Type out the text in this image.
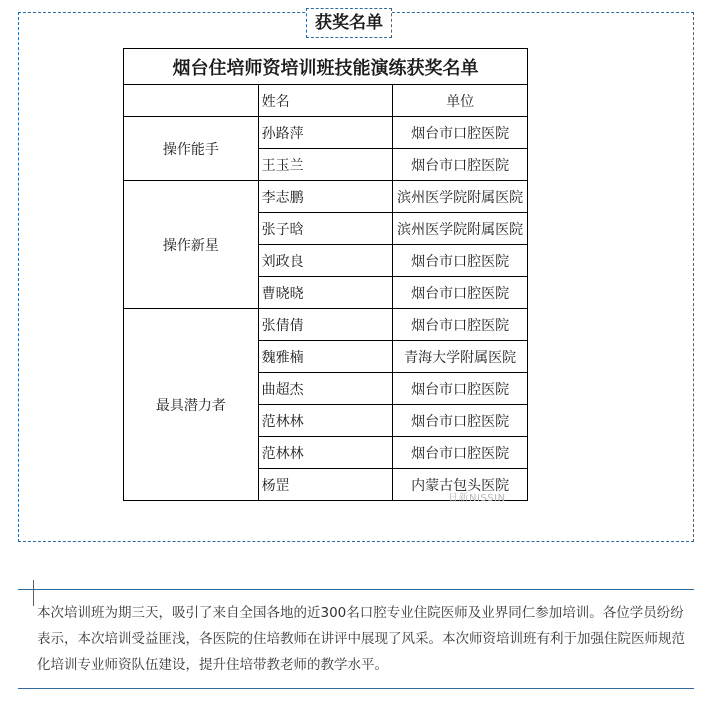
获奖名单
烟台住培师资培训班技能演练获奖名单		
	姓名	单位
操作能手	孙路萍	烟台市口腔医院
	王玉兰	烟台市口腔医院
操作新星	李志鹏	滨州医学院附属医院
	张子晗	滨州医学院附属医院
	刘政良	烟台市口腔医院
	曹晓晓	烟台市口腔医院
最具潜力者	张倩倩	烟台市口腔医院
	魏雅楠	青海大学附属医院
	曲超杰	烟台市口腔医院
	范林林	烟台市口腔医院
	范林林	烟台市口腔医院
	杨罡	内蒙古包头医院
日新NISSIN

本次培训班为期三天，吸引了来自全国各地的近300名口腔专业住院医师及业界同仁参加培训。各位学员纷纷表示，本次培训受益匪浅，各医院的住培教师在讲评中展现了风采。本次师资培训班有利于加强住院医师规范化培训专业师资队伍建设，提升住培带教老师的教学水平。
